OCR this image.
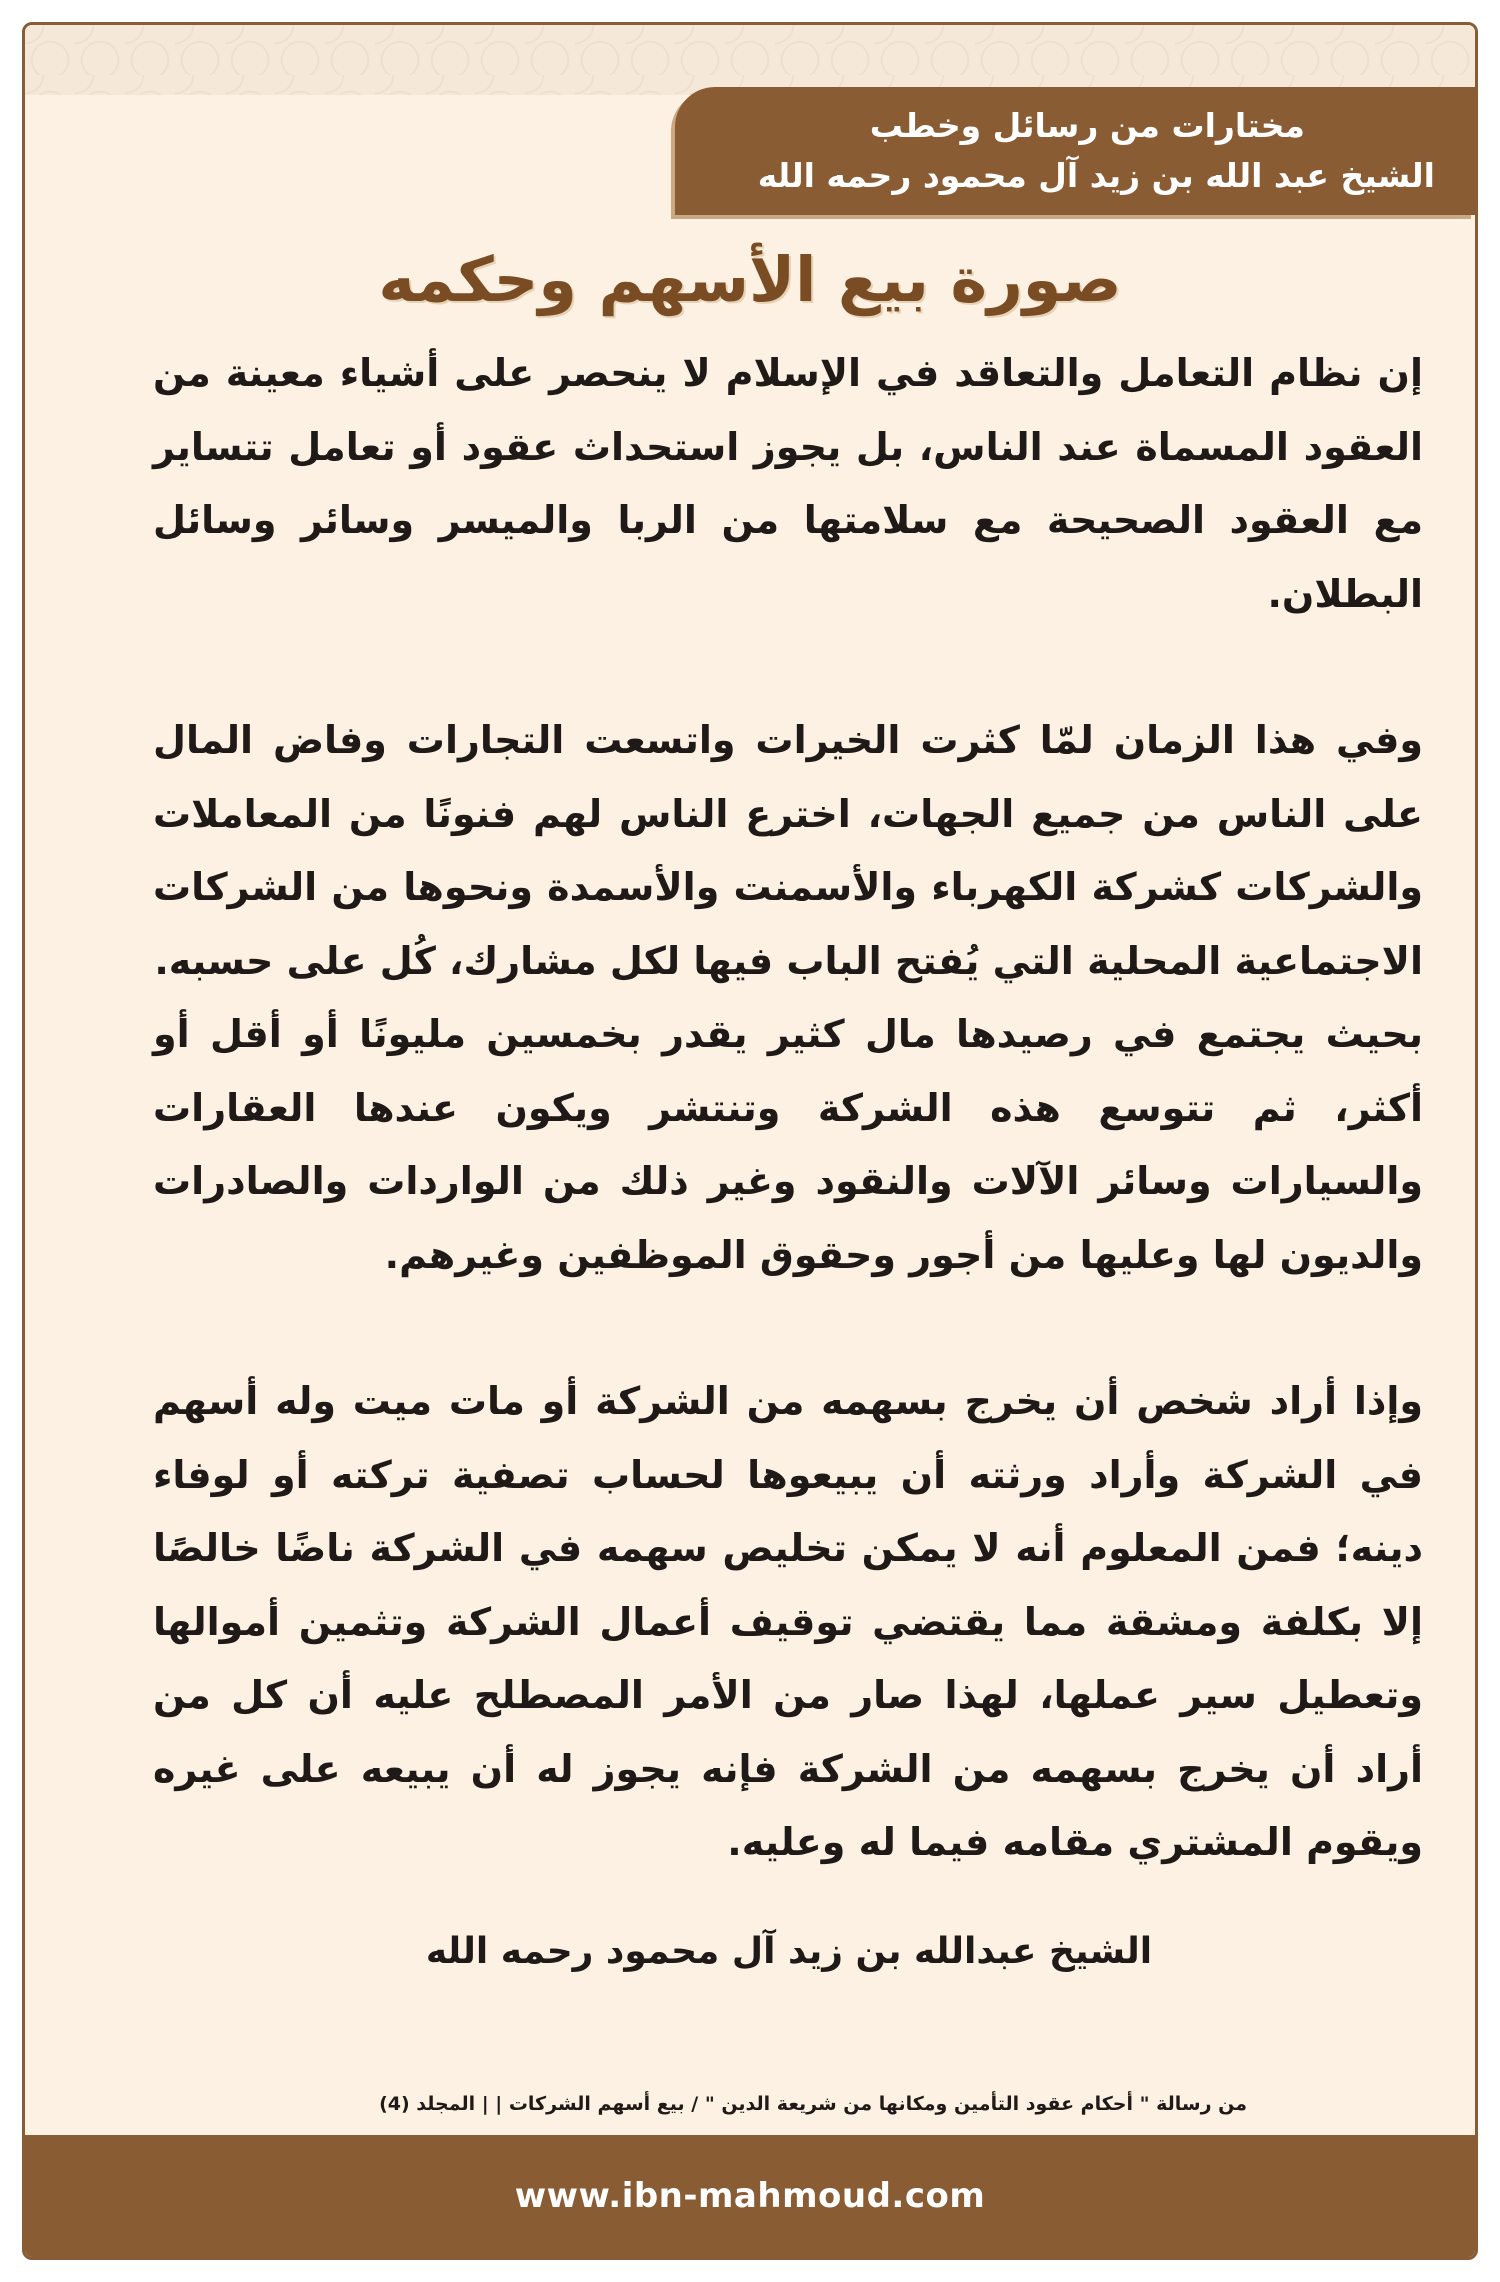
مختارات من رسائل وخطب
الشيخ عبد الله بن زيد آل محمود رحمه الله
صورة بيع الأسهم وحكمه

إن نظام التعامل والتعاقد في الإسلام لا ينحصر على أشياء معينة من العقود المسماة عند الناس، بل يجوز استحداث عقود أو تعامل تتساير مع العقود الصحيحة مع سلامتها من الربا والميسر وسائر وسائل البطلان.

وفي هذا الزمان لمّا كثرت الخيرات واتسعت التجارات وفاض المال على الناس من جميع الجهات، اخترع الناس لهم فنونًا من المعاملات والشركات كشركة الكهرباء والأسمنت والأسمدة ونحوها من الشركات الاجتماعية المحلية التي يُفتح الباب فيها لكل مشارك، كُل على حسبه.

بحيث يجتمع في رصيدها مال كثير يقدر بخمسين مليونًا أو أقل أو أكثر، ثم تتوسع هذه الشركة وتنتشر ويكون عندها العقارات والسيارات وسائر الآلات والنقود وغير ذلك من الواردات والصادرات والديون لها وعليها من أجور وحقوق الموظفين وغيرهم.

وإذا أراد شخص أن يخرج بسهمه من الشركة أو مات ميت وله أسهم في الشركة وأراد ورثته أن يبيعوها لحساب تصفية تركته أو لوفاء دينه؛ فمن المعلوم أنه لا يمكن تخليص سهمه في الشركة ناضًا خالصًا إلا بكلفة ومشقة مما يقتضي توقيف أعمال الشركة وتثمين أموالها وتعطيل سير عملها، لهذا صار من الأمر المصطلح عليه أن كل من أراد أن يخرج بسهمه من الشركة فإنه يجوز له أن يبيعه على غيره ويقوم المشتري مقامه فيما له وعليه.

الشيخ عبدالله بن زيد آل محمود رحمه الله
من رسالة " أحكام عقود التأمين ومكانها من شريعة الدين " / بيع أسهم الشركات | | المجلد (4)
www.ibn-mahmoud.com
